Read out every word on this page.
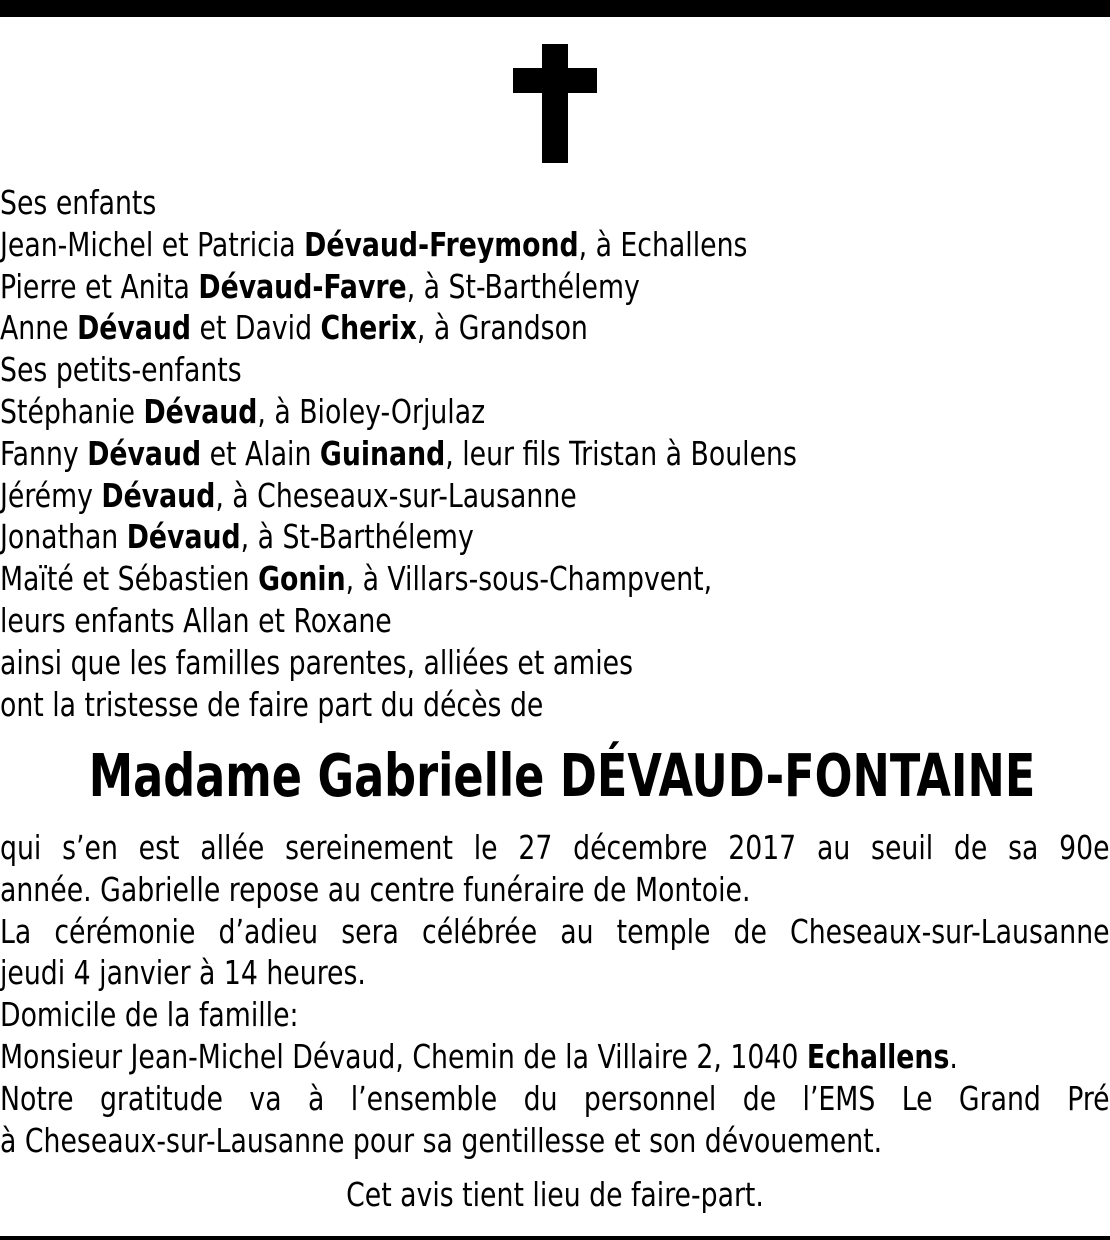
Ses enfants
Jean-Michel et Patricia Dévaud-Freymond, à Echallens
Pierre et Anita Dévaud-Favre, à St-Barthélemy
Anne Dévaud et David Cherix, à Grandson
Ses petits-enfants
Stéphanie Dévaud, à Bioley-Orjulaz
Fanny Dévaud et Alain Guinand, leur fils Tristan à Boulens
Jérémy Dévaud, à Cheseaux-sur-Lausanne
Jonathan Dévaud, à St-Barthélemy
Maïté et Sébastien Gonin, à Villars-sous-Champvent,
leurs enfants Allan et Roxane
ainsi que les familles parentes, alliées et amies
ont la tristesse de faire part du décès de
Madame Gabrielle DÉVAUD-FONTAINE
qui s’en est allée sereinement le 27 décembre 2017 au seuil de sa 90e
année. Gabrielle repose au centre funéraire de Montoie.
La cérémonie d’adieu sera célébrée au temple de Cheseaux-sur-Lausanne
jeudi 4 janvier à 14 heures.
Domicile de la famille:
Monsieur Jean-Michel Dévaud, Chemin de la Villaire 2, 1040 Echallens.
Notre gratitude va à l’ensemble du personnel de l’EMS Le Grand Pré
à Cheseaux-sur-Lausanne pour sa gentillesse et son dévouement.
Cet avis tient lieu de faire-part.
